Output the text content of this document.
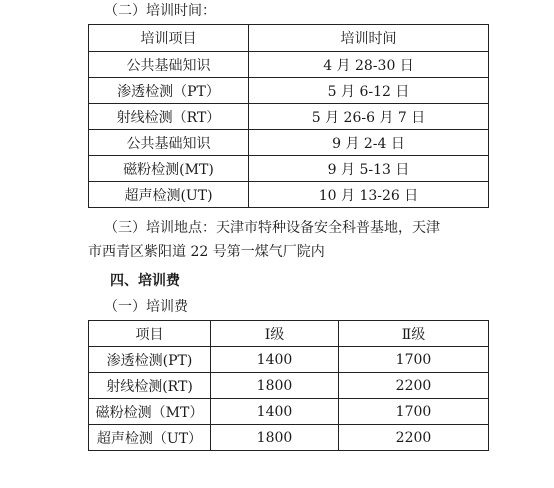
（二）培训时间：
培训项目	培训时间
公共基础知识	4 月 28-30 日
渗透检测（PT）	5 月 6-12 日
射线检测（RT）	5 月 26-6 月 7 日
公共基础知识	9 月 2-4 日
磁粉检测(MT)	9 月 5-13 日
超声检测(UT)	10 月 13-26 日
（三）培训地点：天津市特种设备安全科普基地，天津
市西青区紫阳道 22 号第一煤气厂院内
四、培训费
（一）培训费
项目	Ⅰ级	Ⅱ级
渗透检测(PT)	1400	1700
射线检测(RT)	1800	2200
磁粉检测（MT）	1400	1700
超声检测（UT）	1800	2200
